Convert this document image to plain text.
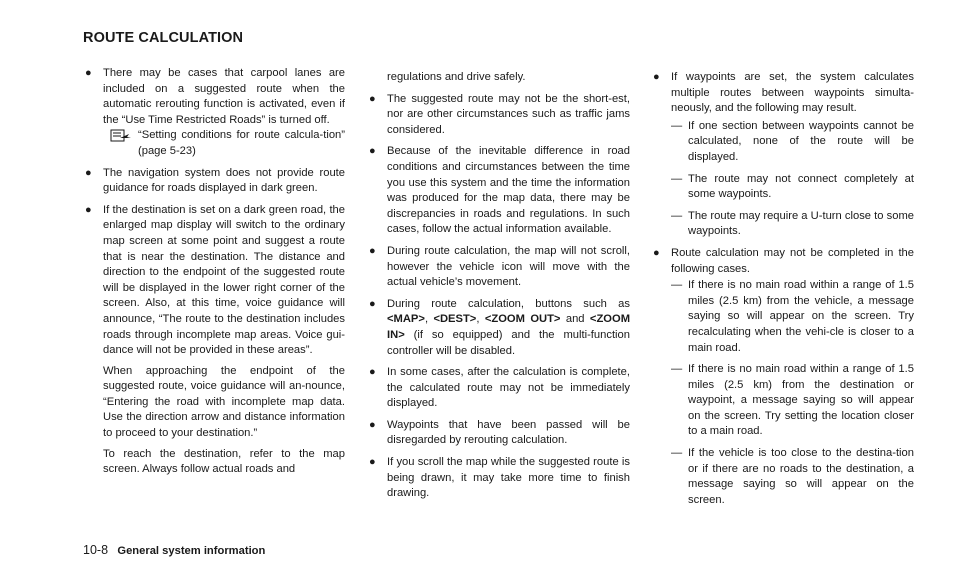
ROUTE CALCULATION
● There may be cases that carpool lanes are included on a suggested route when the automatic rerouting function is activated, even if the “Use Time Restricted Roads” is turned off.
“Setting conditions for route calcula-tion” (page 5-23)
● The navigation system does not provide route guidance for roads displayed in dark green.
● If the destination is set on a dark green road, the enlarged map display will switch to the ordinary map screen at some point and suggest a route that is near the destination. The distance and direction to the endpoint of the suggested route will be displayed in the lower right corner of the screen. Also, at this time, voice guidance will announce, “The route to the destination includes roads through incomplete map areas. Voice gui-dance will not be provided in these areas”.
When approaching the endpoint of the suggested route, voice guidance will an-nounce, “Entering the road with incomplete map data. Use the direction arrow and distance information to proceed to your destination.”
To reach the destination, refer to the map screen. Always follow actual roads and

regulations and drive safely.

● The suggested route may not be the short-est, nor are other circumstances such as traffic jams considered.
● Because of the inevitable difference in road conditions and circumstances between the time you use this system and the time the information was produced for the map data, there may be discrepancies in roads and regulations. In such cases, follow the actual information available.
● During route calculation, the map will not scroll, however the vehicle icon will move with the actual vehicle’s movement.
● During route calculation, buttons such as <MAP>, <DEST>, <ZOOM OUT> and <ZOOM IN> (if so equipped) and the multi-function controller will be disabled.
● In some cases, after the calculation is complete, the calculated route may not be immediately displayed.
● Waypoints that have been passed will be disregarded by rerouting calculation.
● If you scroll the map while the suggested route is being drawn, it may take more time to finish drawing.
● If waypoints are set, the system calculates multiple routes between waypoints simulta-neously, and the following may result.
— If one section between waypoints cannot be calculated, none of the route will be displayed.
— The route may not connect completely at some waypoints.
— The route may require a U-turn close to some waypoints.
● Route calculation may not be completed in the following cases.
— If there is no main road within a range of 1.5 miles (2.5 km) from the vehicle, a message saying so will appear on the screen. Try recalculating when the vehi-cle is closer to a main road.
— If there is no main road within a range of 1.5 miles (2.5 km) from the destination or waypoint, a message saying so will appear on the screen. Try setting the location closer to a main road.
— If the vehicle is too close to the destina-tion or if there are no roads to the destination, a message saying so will appear on the screen.
10-8 General system information
